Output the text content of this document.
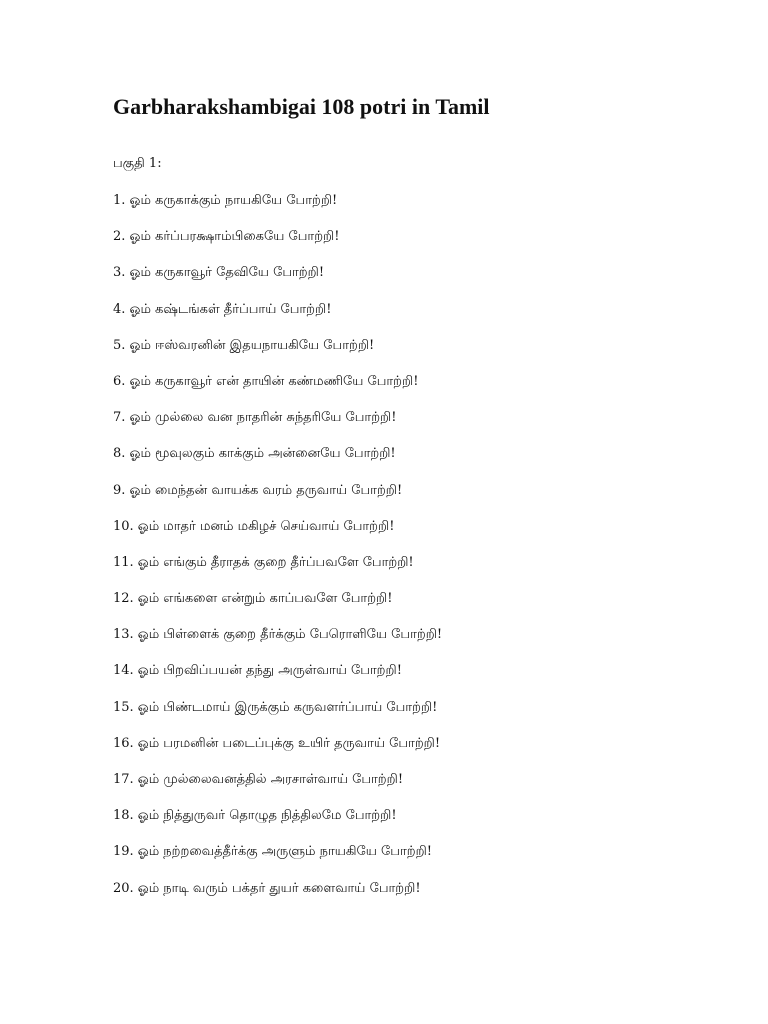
Garbharakshambigai 108 potri in Tamil
பகுதி 1:
1. ஓம் கருகாக்கும் நாயகியே போற்றி!
2. ஓம் கர்ப்பரக்ஷாம்பிகையே போற்றி!
3. ஓம் கருகாவூர் தேவியே போற்றி!
4. ஓம் கஷ்டங்கள் தீர்ப்பாய் போற்றி!
5. ஓம் ஈஸ்வரனின் இதயநாயகியே போற்றி!
6. ஓம் கருகாவூர் என் தாயின் கண்மணியே போற்றி!
7. ஓம் முல்லை வன நாதரின் சுந்தரியே போற்றி!
8. ஓம் மூவுலகும் காக்கும் அன்னையே போற்றி!
9. ஓம் மைந்தன் வாயக்க வரம் தருவாய் போற்றி!
10. ஓம் மாதர் மனம் மகிழச் செய்வாய் போற்றி!
11. ஓம் எங்கும் தீராதக் குறை தீர்ப்பவளே போற்றி!
12. ஓம் எங்களை என்றும் காப்பவளே போற்றி!
13. ஓம் பிள்ளைக் குறை தீர்க்கும் பேரொளியே போற்றி!
14. ஓம் பிறவிப்பயன் தந்து அருள்வாய் போற்றி!
15. ஓம் பிண்டமாய் இருக்கும் கருவளர்ப்பாய் போற்றி!
16. ஓம் பரமனின் படைப்புக்கு உயிர் தருவாய் போற்றி!
17. ஓம் முல்லைவனத்தில் அரசாள்வாய் போற்றி!
18. ஓம் நித்துருவர் தொழுத நித்திலமே போற்றி!
19. ஓம் நற்றவைத்தீர்க்கு அருளும் நாயகியே போற்றி!
20. ஓம் நாடி வரும் பக்தர் துயர் களைவாய் போற்றி!
